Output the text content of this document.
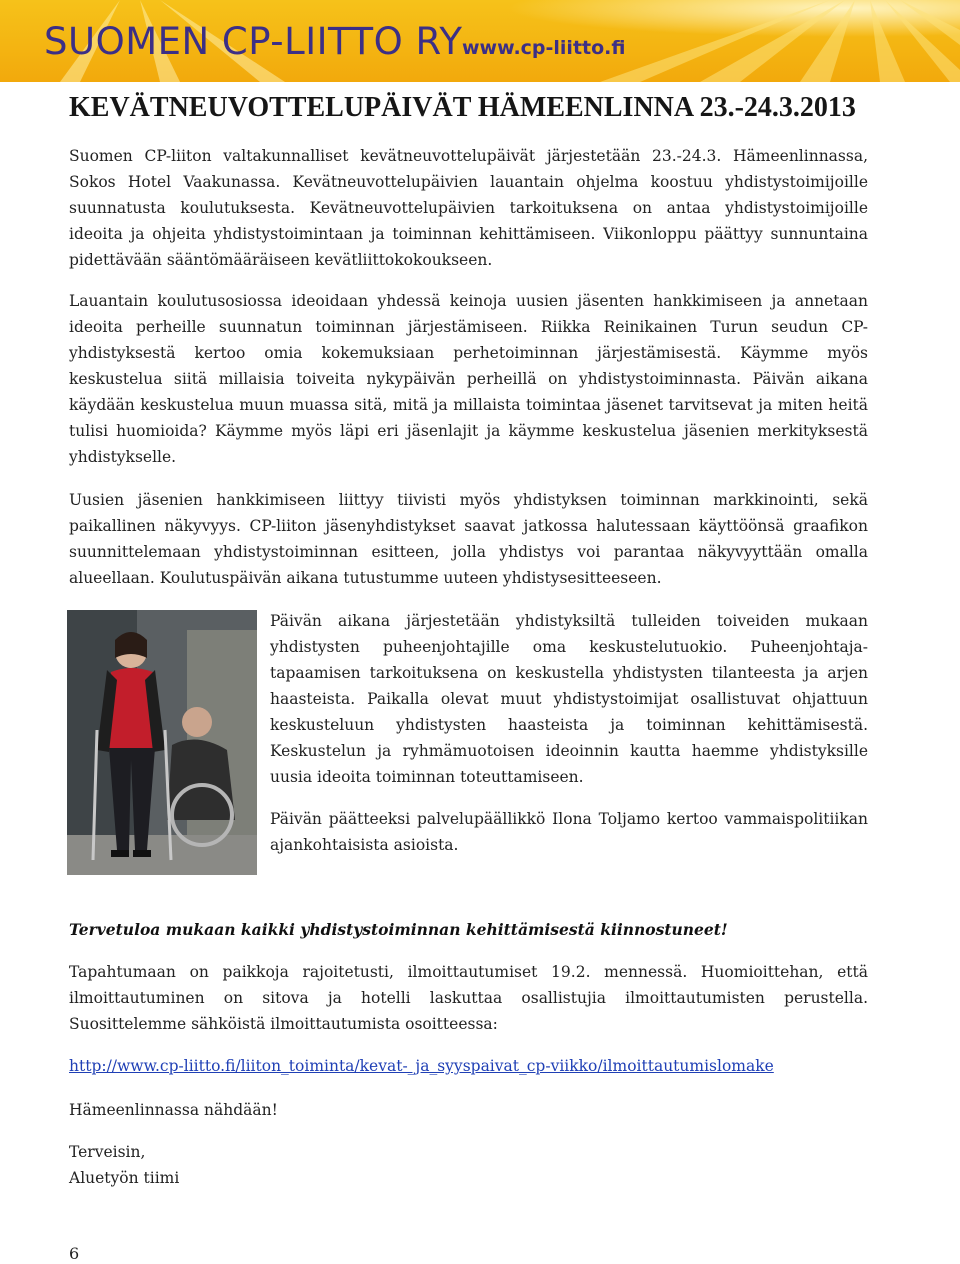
SUOMEN CP-LIITTO RY www.cp-liitto.fi

KEVÄTNEUVOTTELUPÄIVÄT HÄMEENLINNA 23.-24.3.2013

Suomen CP-liiton valtakunnalliset kevätneuvottelupäivät järjestetään 23.-24.3. Hämeenlinnassa, Sokos Hotel Vaakunassa. Kevätneuvottelupäivien lauantain ohjelma koostuu yhdistystoimijoille suunnatusta koulutuksesta. Kevätneuvottelupäivien tarkoituksena on antaa yhdistystoimijoille ideoita ja ohjeita yhdistystoimintaan ja toiminnan kehittämiseen. Viikonloppu päättyy sunnuntaina pidettävään sääntömääräiseen kevätliittokokoukseen.

Lauantain koulutusosiossa ideoidaan yhdessä keinoja uusien jäsenten hankkimiseen ja annetaan ideoita perheille suunnatun toiminnan järjestämiseen. Riikka Reinikainen Turun seudun CP-yhdistyksestä kertoo omia kokemuksiaan perhetoiminnan järjestämisestä. Käymme myös keskustelua siitä millaisia toiveita nykypäivän perheillä on yhdistystoiminnasta. Päivän aikana käydään keskustelua muun muassa sitä, mitä ja millaista toimintaa jäsenet tarvitsevat ja miten heitä tulisi huomioida? Käymme myös läpi eri jäsenlajit ja käymme keskustelua jäsenien merkityksestä yhdistykselle.

Uusien jäsenien hankkimiseen liittyy tiivisti myös yhdistyksen toiminnan markkinointi, sekä paikallinen näkyvyys. CP-liiton jäsenyhdistykset saavat jatkossa halutessaan käyttöönsä graafikon suunnittelemaan yhdistystoiminnan esitteen, jolla yhdistys voi parantaa näkyvyyttään omalla alueellaan. Koulutuspäivän aikana tutustumme uuteen yhdistysesitteeseen.

Päivän aikana järjestetään yhdistyksiltä tulleiden toiveiden mukaan yhdistysten puheenjohtajille oma keskustelutuokio. Puheenjohtaja-tapaamisen tarkoituksena on keskustella yhdistysten tilanteesta ja arjen haasteista. Paikalla olevat muut yhdistystoimijat osallistuvat ohjattuun keskusteluun yhdistysten haasteista ja toiminnan kehittämisestä. Keskustelun ja ryhmämuotoisen ideoinnin kautta haemme yhdistyksille uusia ideoita toiminnan toteuttamiseen.

Päivän päätteeksi palvelupäällikkö Ilona Toljamo kertoo vammaispolitiikan ajankohtaisista asioista.

Tervetuloa mukaan kaikki yhdistystoiminnan kehittämisestä kiinnostuneet!

Tapahtumaan on paikkoja rajoitetusti, ilmoittautumiset 19.2. mennessä. Huomioittehan, että ilmoittautuminen on sitova ja hotelli laskuttaa osallistujia ilmoittautumisten perustella. Suosittelemme sähköistä ilmoittautumista osoitteessa:

http://www.cp-liitto.fi/liiton_toiminta/kevat-_ja_syyspaivat_cp-viikko/ilmoittautumislomake

Hämeenlinnassa nähdään!

Terveisin,

Aluetyön tiimi

6
